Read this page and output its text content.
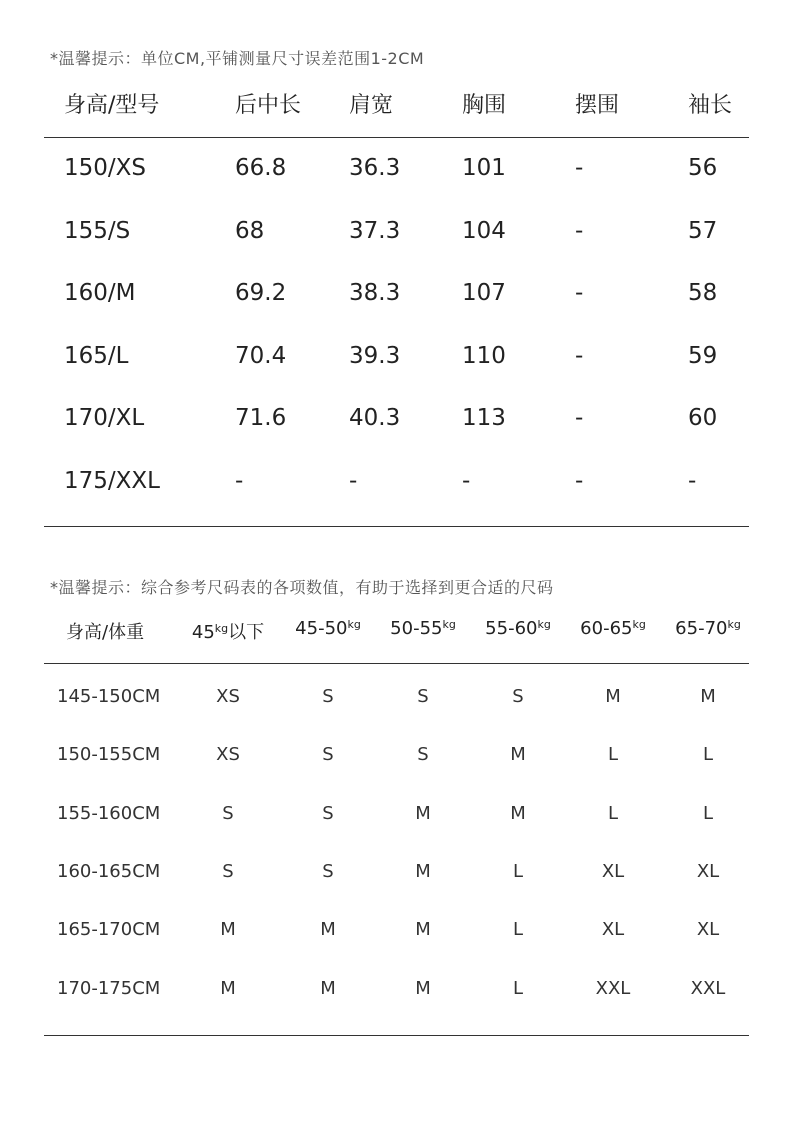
*温馨提示：单位CM,平铺测量尺寸误差范围1-2CM
身高/型号	后中长 肩宽	胸围	摆围	袖长
150/XS	66.8	36.3	101	-	56
155/S	68	37.3	104	-	57
160/M	69.2	38.3	107	-	58
165/L	70.4	39.3	110	-	59
170/XL	71.6	40.3	113	-	60
175/XXL	-	-	-	-	-
*温馨提示：综合参考尺码表的各项数值，有助于选择到更合适的尺码
身高/体重	$45^{kg}$以下 $45-50^{kg}$ $50-55^{kg}$ $55-60^{kg}$ $60-65^{kg}$ $65-70^{kg}$
145-150CM	XS	S	S	S	M	M
150-155CM	XS	S	S	M	L	L
155-160CM	S	S	M	M	L	L
160-165CM	S	S	M	L	XL	XL
165-170CM	M	M	M	L	XL	XL
170-175CM	M	M	M	L	XXL	XXL
